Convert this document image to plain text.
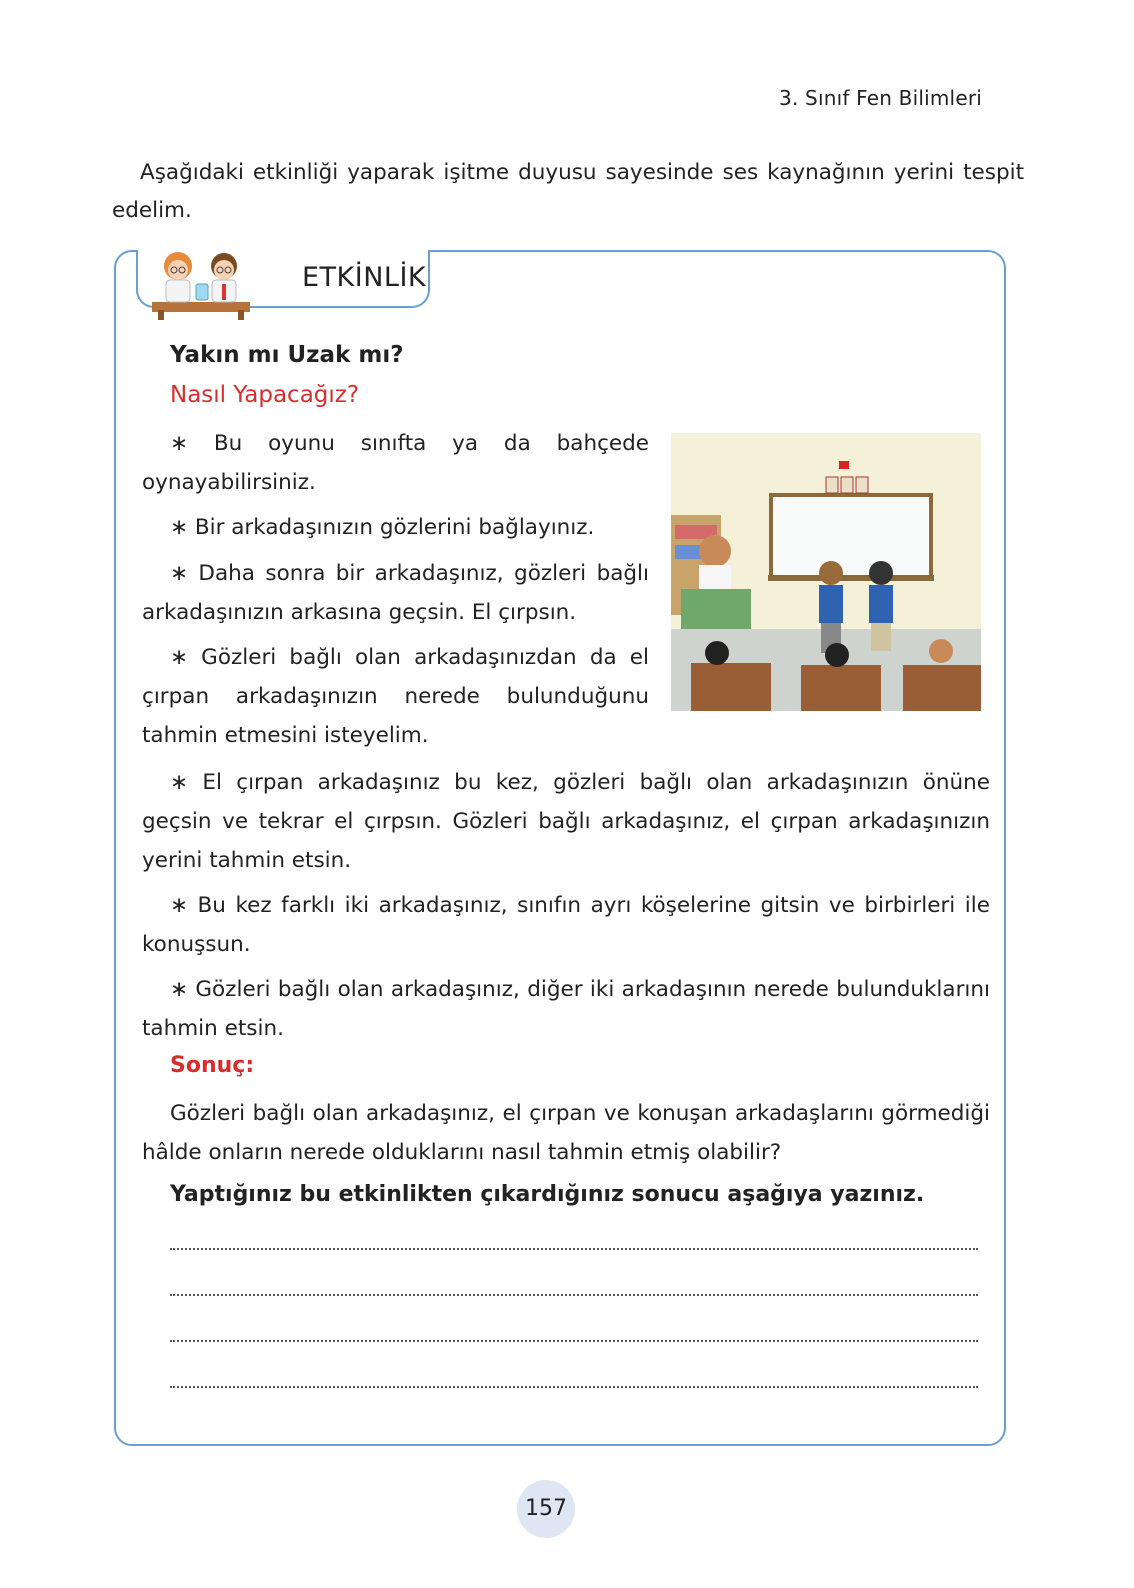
3. Sınıf Fen Bilimleri

Aşağıdaki etkinliği yaparak işitme duyusu sayesinde ses kaynağının yerini tespit edelim.

ETKİNLİK
Yakın mı Uzak mı?
Nasıl Yapacağız?

∗ Bu oyunu sınıfta ya da bahçede oynayabilirsiniz.

∗ Bir arkadaşınızın gözlerini bağlayınız.

∗ Daha sonra bir arkadaşınız, gözleri bağlı arkadaşınızın arkasına geçsin. El çırpsın.

∗ Gözleri bağlı olan arkadaşınızdan da el çırpan arkadaşınızın nerede bulunduğunu tahmin etmesini isteyelim.

∗ El çırpan arkadaşınız bu kez, gözleri bağlı olan arkadaşınızın önüne geçsin ve tekrar el çırpsın. Gözleri bağlı arkadaşınız, el çırpan arkadaşınızın yerini tahmin etsin.

∗ Bu kez farklı iki arkadaşınız, sınıfın ayrı köşelerine gitsin ve birbirleri ile konuşsun.

∗ Gözleri bağlı olan arkadaşınız, diğer iki arkadaşının nerede bulunduklarını tahmin etsin.

Sonuç:

Gözleri bağlı olan arkadaşınız, el çırpan ve konuşan arkadaşlarını görmediği hâlde onların nerede olduklarını nasıl tahmin etmiş olabilir?

Yaptığınız bu etkinlikten çıkardığınız sonucu aşağıya yazınız.
157
